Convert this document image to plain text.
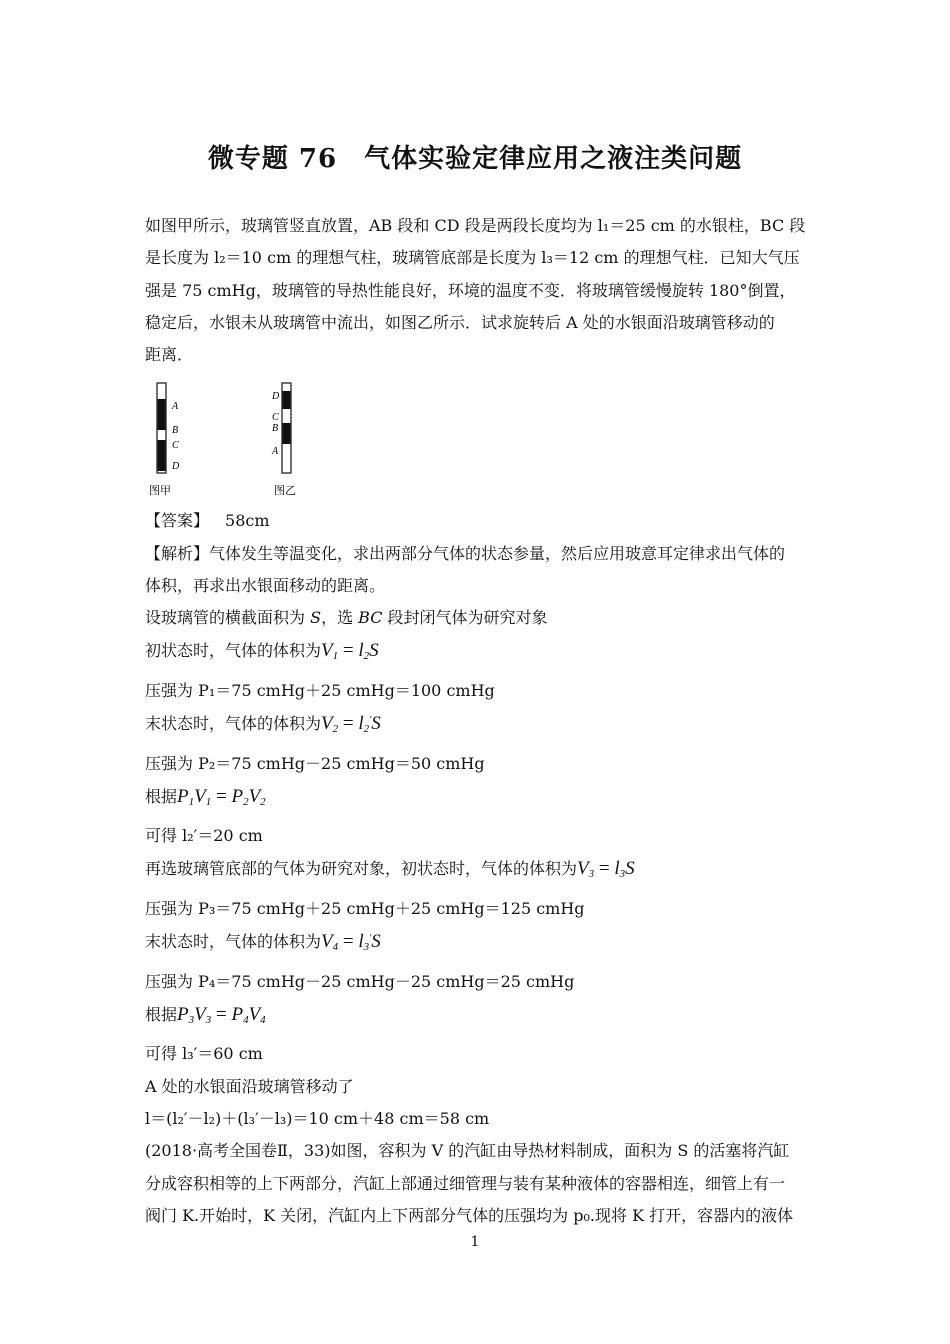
微专题 76　气体实验定律应用之液注类问题
如图甲所示，玻璃管竖直放置，AB 段和 CD 段是两段长度均为 l₁＝25 cm 的水银柱，BC 段
是长度为 l₂＝10 cm 的理想气柱，玻璃管底部是长度为 l₃＝12 cm 的理想气柱．已知大气压
强是 75 cmHg，玻璃管的导热性能良好，环境的温度不变．将玻璃管缓慢旋转 180°倒置，
稳定后，水银未从玻璃管中流出，如图乙所示．试求旋转后 A 处的水银面沿玻璃管移动的
距离．
A
B
C
D
图甲
D
C
B
A
图乙
【答案】  58cm
【解析】气体发生等温变化，求出两部分气体的状态参量，然后应用玻意耳定律求出气体的
体积，再求出水银面移动的距离。
设玻璃管的横截面积为 S，选 BC 段封闭气体为研究对象
初状态时，气体的体积为$V_1 = l_2S$
压强为 P₁＝75 cmHg＋25 cmHg＝100 cmHg
末状态时，气体的体积为$V_2 = l_2'S$
压强为 P₂＝75 cmHg－25 cmHg＝50 cmHg
根据$P_1V_1 = P_2V_2$
可得 l₂′＝20 cm
再选玻璃管底部的气体为研究对象，初状态时，气体的体积为$V_3 = l_3S$
压强为 P₃＝75 cmHg＋25 cmHg＋25 cmHg＝125 cmHg
末状态时，气体的体积为$V_4 = l_3'S$
压强为 P₄＝75 cmHg－25 cmHg－25 cmHg＝25 cmHg
根据$P_3V_3 = P_4V_4$
可得 l₃′＝60 cm
A 处的水银面沿玻璃管移动了
l＝(l₂′－l₂)＋(l₃′－l₃)＝10 cm＋48 cm＝58 cm
(2018·高考全国卷Ⅱ，33)如图，容积为 V 的汽缸由导热材料制成，面积为 S 的活塞将汽缸
分成容积相等的上下两部分，汽缸上部通过细管理与装有某种液体的容器相连，细管上有一
阀门 K.开始时，K 关闭，汽缸内上下两部分气体的压强均为 p₀.现将 K 打开，容器内的液体
1
